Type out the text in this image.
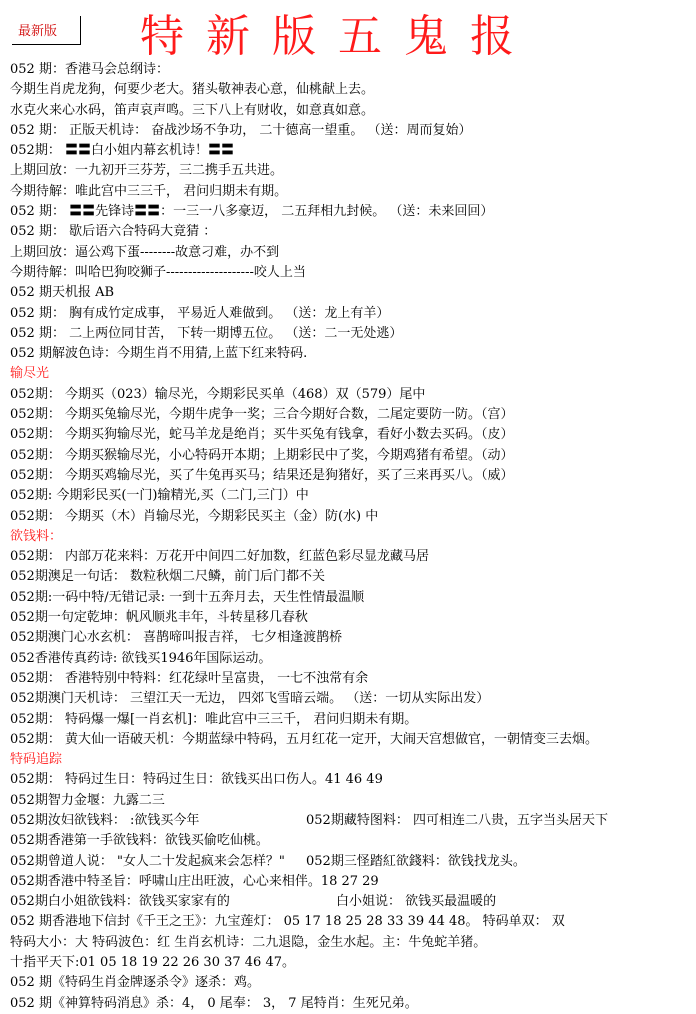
最新版 特新版五鬼报
052 期：香港马会总纲诗：
今期生肖虎龙狗，何要少老大。猪头敬神表心意，仙桃献上去。
水克火来心水码，笛声哀声鸣。三下八上有财收，如意真如意。
052 期： 正版天机诗： 奋战沙场不争功， 二十德高一望重。 （送：周而复始）
052期： 〓〓白小姐内幕玄机诗！〓〓
上期回放：一九初开三芬芳，三二携手五共进。
今期待解：唯此宫中三三千， 君问归期未有期。
052 期： 〓〓先锋诗〓〓：一三一八多豪迈， 二五拜相九封候。 （送：未来回回）
052 期： 歇后语六合特码大竟猜 ：
上期回放：逼公鸡下蛋--------故意刁难，办不到
今期待解：叫哈巴狗咬狮子--------------------咬人上当
052 期天机报 AB
052 期： 胸有成竹定成事， 平易近人难做到。 （送：龙上有羊）
052 期： 二上两位同甘苦， 下转一期博五位。 （送：二一无处逃）
052 期解波色诗：今期生肖不用猜,上蓝下红来特码.
输尽光
052期： 今期买（023）输尽光，今期彩民买单（468）双（579）尾中
052期： 今期买兔输尽光，今期牛虎争一奖；三合今期好合数，二尾定要防一防。（宫）
052期： 今期买狗输尽光，蛇马羊龙是绝肖；买牛买兔有钱拿，看好小数去买码。（皮）
052期： 今期买猴输尽光，小心特码开本期；上期彩民中了奖，今期鸡猪有希望。（动）
052期： 今期买鸡输尽光，买了牛兔再买马；结果还是狗猪好，买了三来再买八。（威）
052期: 今期彩民买(一门)输精光,买（二门,三门）中
052期： 今期买（木）肖输尽光，今期彩民买主（金）防(水) 中
欲钱料：
052期： 内部万花来料：万花开中间四二好加数，红蓝色彩尽显龙藏马居
052期澳足一句话： 数粒秋烟二尺鳞，前门后门都不关
052期:一码中特/无错记录: 一到十五奔月去，天生性情最温顺
052期一句定乾坤：帆风顺兆丰年，斗转星移几春秋
052期澳门心水玄机： 喜鹊啼叫报吉祥， 七夕相逢渡鹊桥
052香港传真药诗: 欲钱买1946年国际运动。
052期： 香港特别中特料：红花绿叶呈富贵， 一七不浊常有余
052期澳门天机诗： 三望江天一无边， 四郊飞雪暗云端。 （送：一切从实际出发）
052期： 特码爆一爆[一肖玄机]：唯此宫中三三千， 君问归期未有期。
052期： 黄大仙一语破天机：今期蓝绿中特码，五月红花一定开，大闹天宫想做官，一朝情变三去烟。
特码追踪
052期： 特码过生日：特码过生日：欲钱买出口伤人。41 46 49
052期智力金堰：九露二三
052期汝妇欲钱料： :欲钱买今年	052期藏特图料： 四可相连二八贵，五字当头居天下
052期香港第一手欲钱料：欲钱买偷吃仙桃。
052期曾道人说： "女人二十发起疯来会怎样？" 052期三怪踏紅欲錢料：欲钱找龙头。
052期香港中特圣旨：呼啸山庄出旺波，心心来相伴。18 27 29
052期白小姐欲钱料：欲钱买家家有的	白小姐说： 欲钱买最温暖的
052 期香港地下信封《千王之王》：九宝莲灯： 05 17 18 25 28 33 39 44 48。 特码单双： 双
特码大小：大 特码波色：红 生肖玄机诗：二九退隐，金生水起。主：牛兔蛇羊猪。
十指平天下:01 05 18 19 22 26 30 37 46 47。
052 期《特码生肖金牌逐杀令》逐杀：鸡。
052 期《神算特码消息》杀：4， 0 尾奉： 3， 7 尾特肖：生死兄弟。
